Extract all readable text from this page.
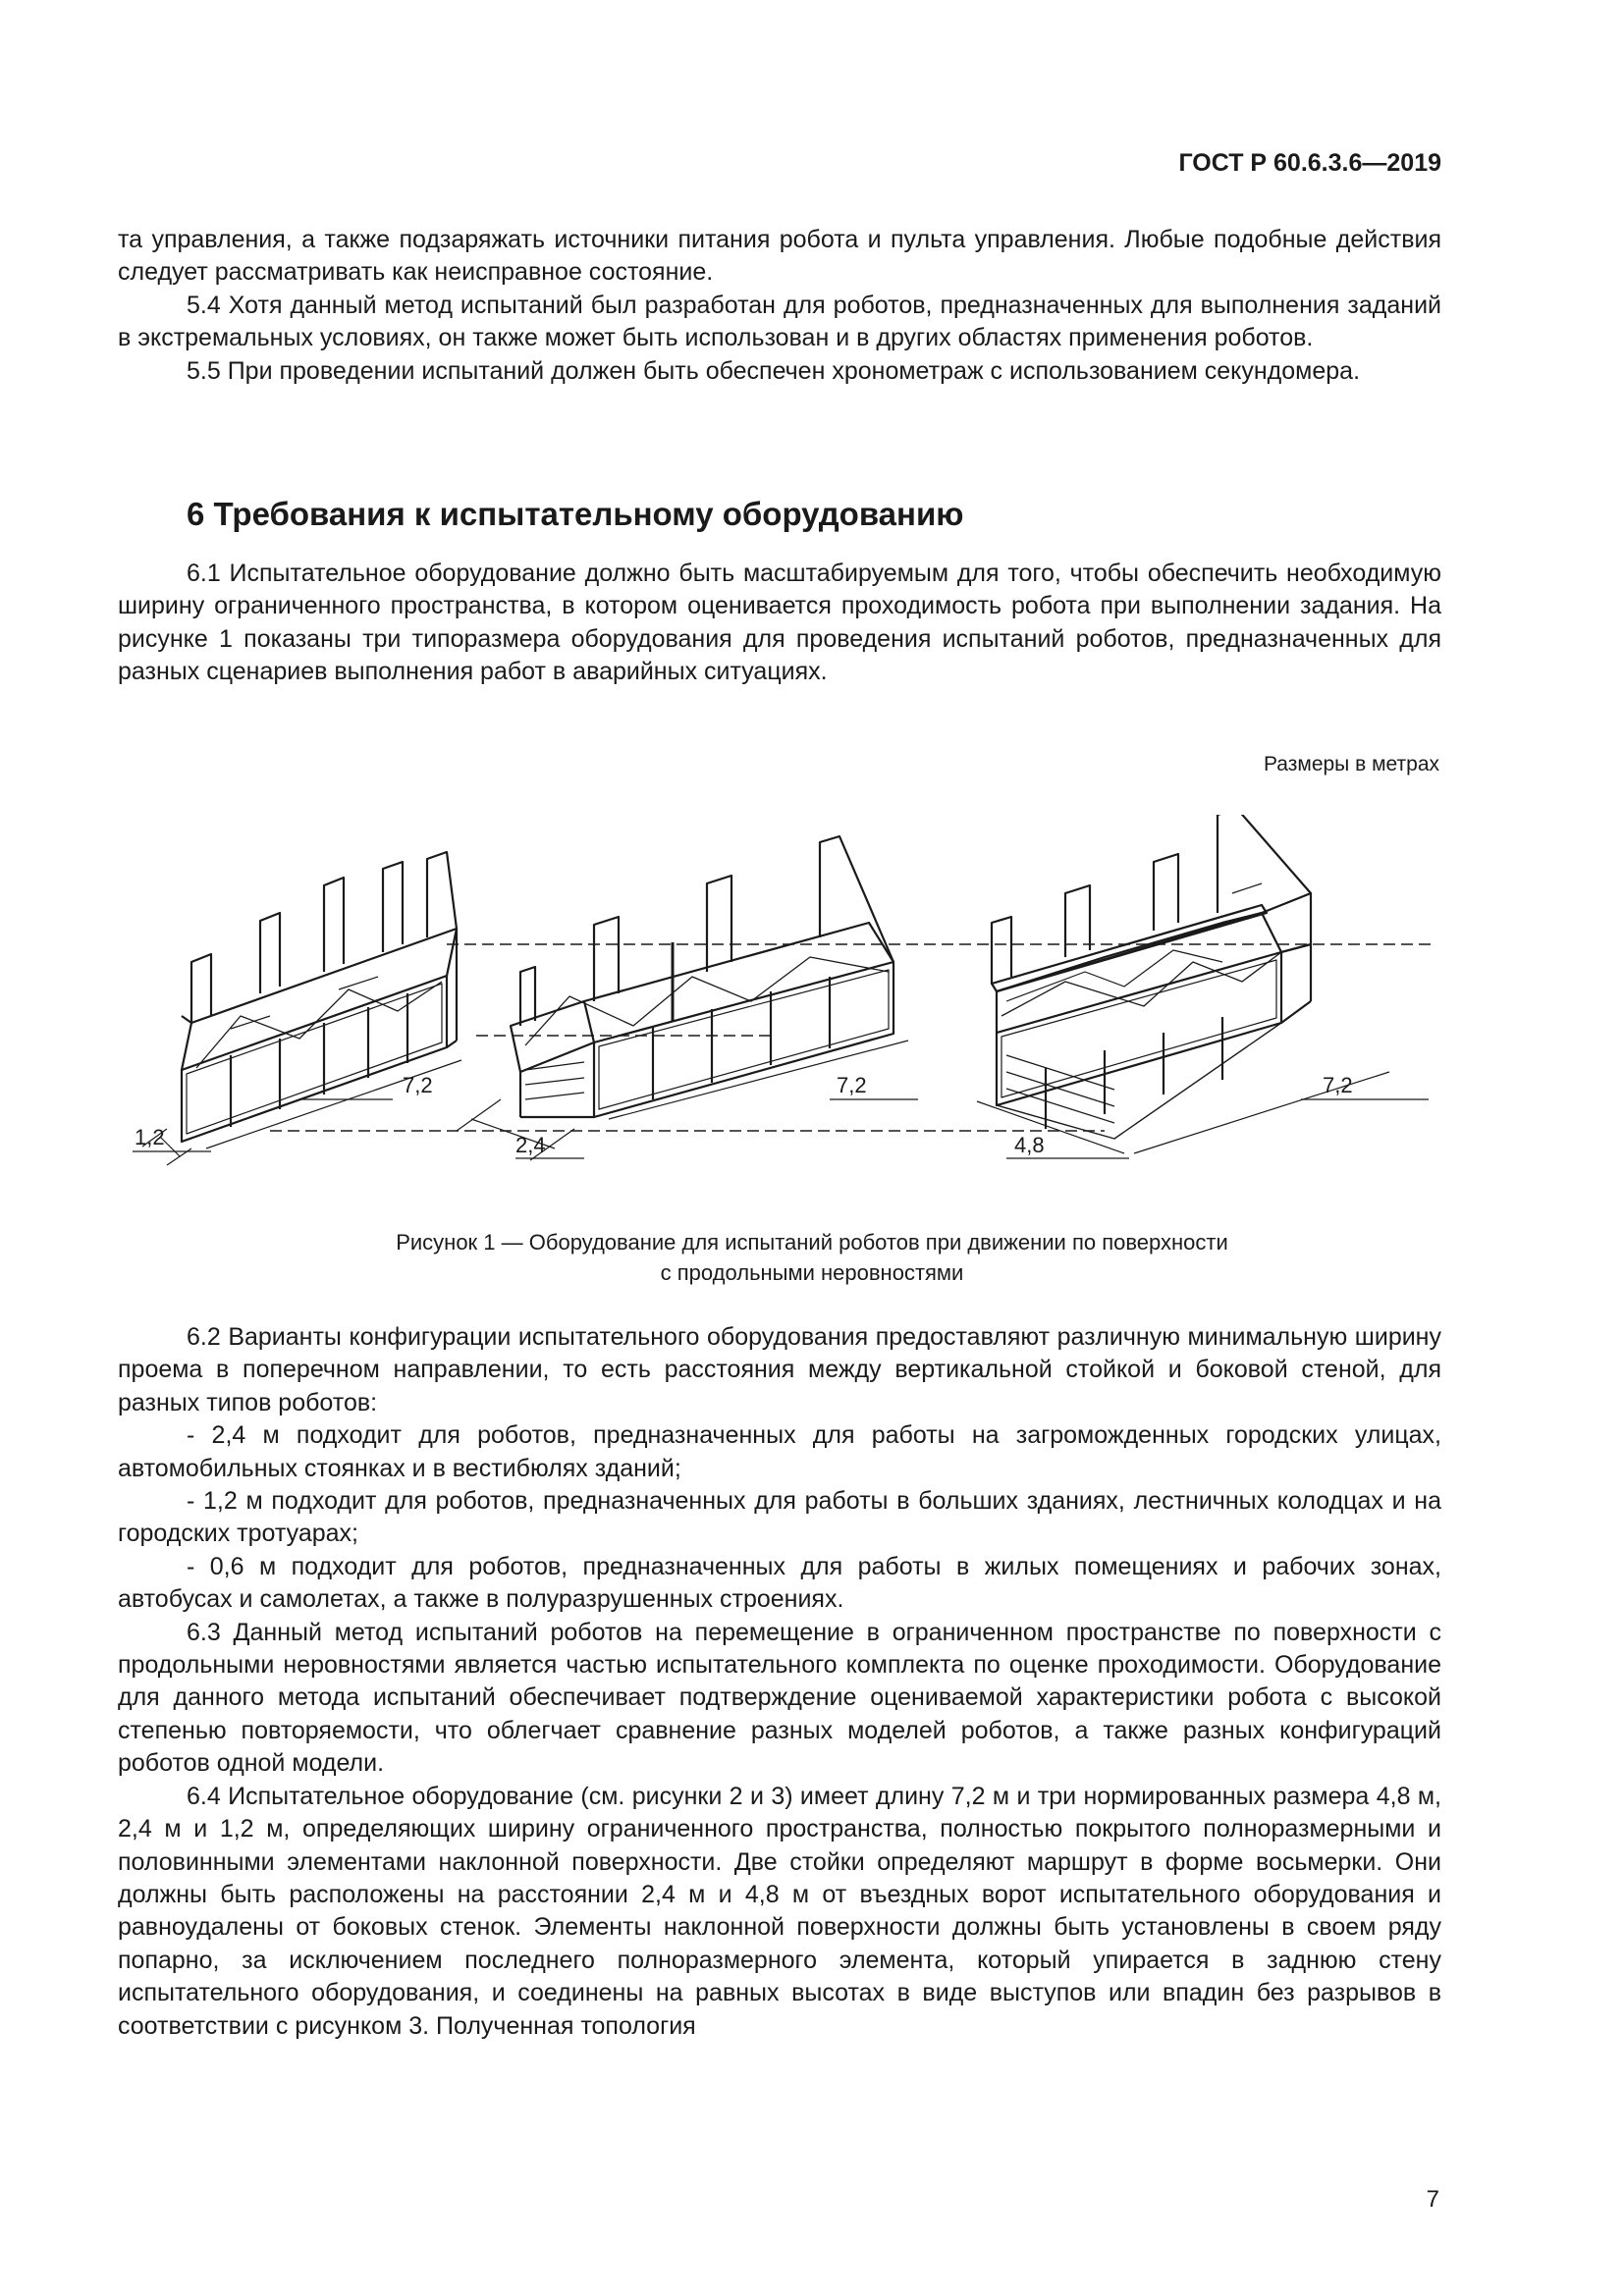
ГОСТ Р 60.6.3.6—2019

та управления, а также подзаряжать источники питания робота и пульта управления. Любые подобные действия следует рассматривать как неисправное состояние.

5.4 Хотя данный метод испытаний был разработан для роботов, предназначенных для выполнения заданий в экстремальных условиях, он также может быть использован и в других областях применения роботов.

5.5 При проведении испытаний должен быть обеспечен хронометраж с использованием секундомера.

6 Требования к испытательному оборудованию

6.1 Испытательное оборудование должно быть масштабируемым для того, чтобы обеспечить необходимую ширину ограниченного пространства, в котором оценивается проходимость робота при выполнении задания. На рисунке 1 показаны три типоразмера оборудования для проведения испытаний роботов, предназначенных для разных сценариев выполнения работ в аварийных ситуациях.

Размеры в метрах
1,2
7,2
2,4
7,2
4,8
7,2
Рисунок 1 — Оборудование для испытаний роботов при движении по поверхности
с продольными неровностями

6.2 Варианты конфигурации испытательного оборудования предоставляют различную минимальную ширину проема в поперечном направлении, то есть расстояния между вертикальной стойкой и боковой стеной, для разных типов роботов:

- 2,4 м подходит для роботов, предназначенных для работы на загроможденных городских улицах, автомобильных стоянках и в вестибюлях зданий;

- 1,2 м подходит для роботов, предназначенных для работы в больших зданиях, лестничных колодцах и на городских тротуарах;

- 0,6 м подходит для роботов, предназначенных для работы в жилых помещениях и рабочих зонах, автобусах и самолетах, а также в полуразрушенных строениях.

6.3 Данный метод испытаний роботов на перемещение в ограниченном пространстве по поверхности с продольными неровностями является частью испытательного комплекта по оценке проходимости. Оборудование для данного метода испытаний обеспечивает подтверждение оцениваемой характеристики робота с высокой степенью повторяемости, что облегчает сравнение разных моделей роботов, а также разных конфигураций роботов одной модели.

6.4 Испытательное оборудование (см. рисунки 2 и 3) имеет длину 7,2 м и три нормированных размера 4,8 м, 2,4 м и 1,2 м, определяющих ширину ограниченного пространства, полностью покрытого полноразмерными и половинными элементами наклонной поверхности. Две стойки определяют маршрут в форме восьмерки. Они должны быть расположены на расстоянии 2,4 м и 4,8 м от въездных ворот испытательного оборудования и равноудалены от боковых стенок. Элементы наклонной поверхности должны быть установлены в своем ряду попарно, за исключением последнего полноразмерного элемента, который упирается в заднюю стену испытательного оборудования, и соединены на равных высотах в виде выступов или впадин без разрывов в соответствии с рисунком 3. Полученная топология

7
